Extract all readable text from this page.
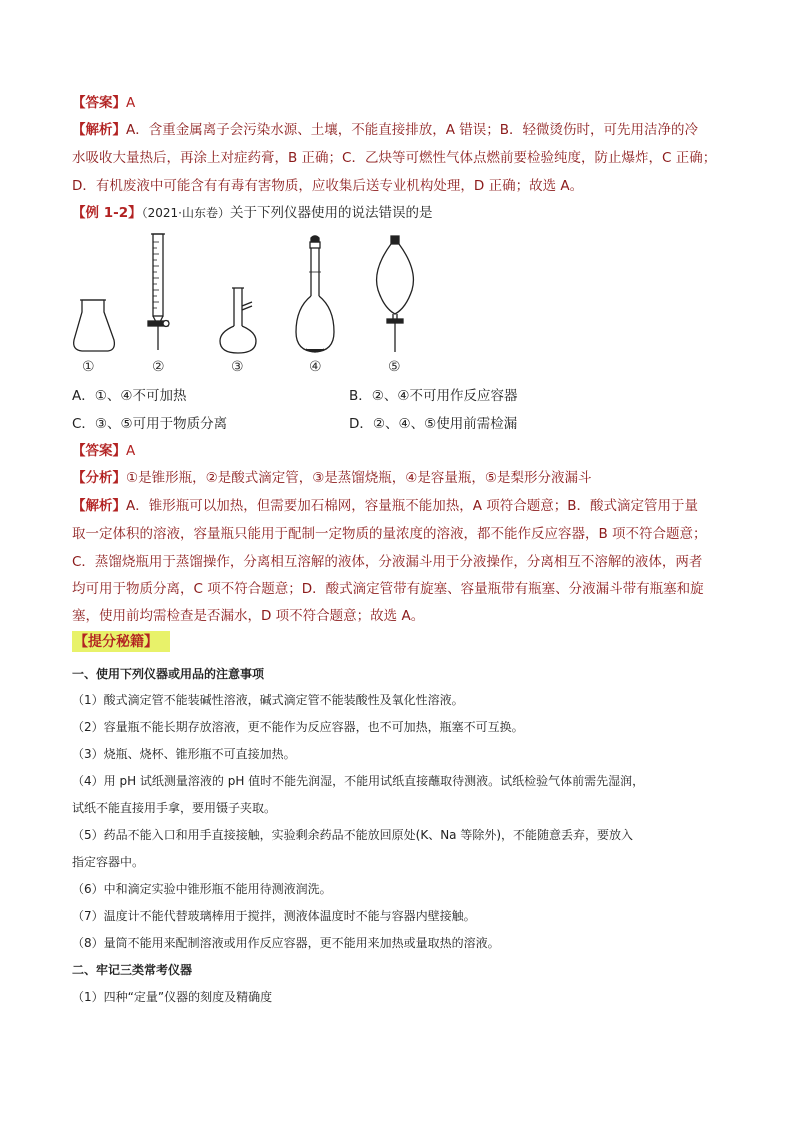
【答案】A
【解析】A．含重金属离子会污染水源、土壤，不能直接排放，A 错误；B．轻微烫伤时，可先用洁净的冷
水吸收大量热后，再涂上对症药膏，B 正确；C．乙炔等可燃性气体点燃前要检验纯度，防止爆炸，C 正确；
D．有机废液中可能含有有毒有害物质，应收集后送专业机构处理，D 正确；故选 A。
【例 1-2】（2021·山东卷）关于下列仪器使用的说法错误的是
①	②	③	④	⑤
A．①、④不可加热	B．②、④不可用作反应容器
C．③、⑤可用于物质分离	D．②、④、⑤使用前需检漏
【答案】A
【分析】①是锥形瓶，②是酸式滴定管，③是蒸馏烧瓶，④是容量瓶，⑤是梨形分液漏斗
【解析】A．锥形瓶可以加热，但需要加石棉网，容量瓶不能加热，A 项符合题意；B．酸式滴定管用于量
取一定体积的溶液，容量瓶只能用于配制一定物质的量浓度的溶液，都不能作反应容器，B 项不符合题意；
C．蒸馏烧瓶用于蒸馏操作，分离相互溶解的液体，分液漏斗用于分液操作，分离相互不溶解的液体，两者
均可用于物质分离，C 项不符合题意；D．酸式滴定管带有旋塞、容量瓶带有瓶塞、分液漏斗带有瓶塞和旋
塞，使用前均需检查是否漏水，D 项不符合题意；故选 A。
【提分秘籍】
一、使用下列仪器或用品的注意事项
（1）酸式滴定管不能装碱性溶液，碱式滴定管不能装酸性及氧化性溶液。
（2）容量瓶不能长期存放溶液，更不能作为反应容器，也不可加热，瓶塞不可互换。
（3）烧瓶、烧杯、锥形瓶不可直接加热。
（4）用 pH 试纸测量溶液的 pH 值时不能先润湿，不能用试纸直接蘸取待测液。试纸检验气体前需先湿润，
试纸不能直接用手拿，要用镊子夹取。
（5）药品不能入口和用手直接接触，实验剩余药品不能放回原处(K、Na 等除外)，不能随意丢弃，要放入
指定容器中。
（6）中和滴定实验中锥形瓶不能用待测液润洗。
（7）温度计不能代替玻璃棒用于搅拌，测液体温度时不能与容器内壁接触。
（8）量筒不能用来配制溶液或用作反应容器，更不能用来加热或量取热的溶液。
二、牢记三类常考仪器
（1）四种“定量”仪器的刻度及精确度
